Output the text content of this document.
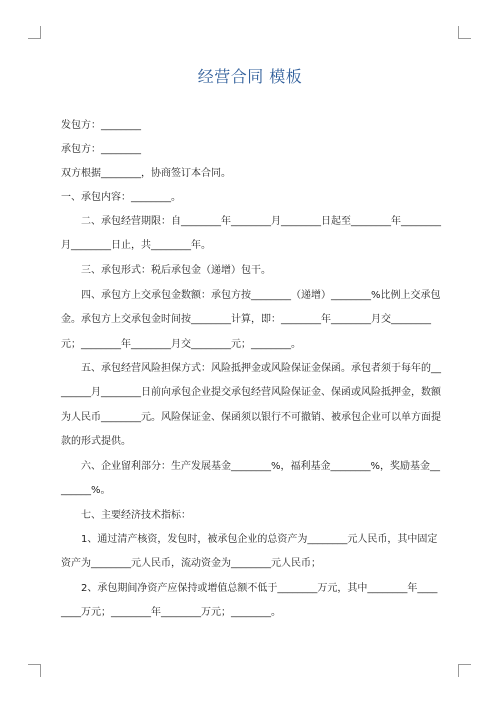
经营合同 模板
发包方：________
承包方：________
双方根据________，协商签订本合同。
一、承包内容：________。
二、承包经营期限：自________年________月________日起至________年________月________日止，共________年。
三、承包形式：税后承包金（递增）包干。
四、承包方上交承包金数额：承包方按________（递增）________%比例上交承包金。承包方上交承包金时间按________计算，即：________年________月交________元；________年________月交________元；________。
五、承包经营风险担保方式：风险抵押金或风险保证金保函。承包者须于每年的________月________日前向承包企业提交承包经营风险保证金、保函或风险抵押金，数额为人民币________元。风险保证金、保函须以银行不可撤销、被承包企业可以单方面提款的形式提供。
六、企业留利部分：生产发展基金________%，福利基金________%，奖励基金________%。
七、主要经济技术指标：
1、通过清产核资，发包时，被承包企业的总资产为________元人民币，其中固定资产为________元人民币，流动资金为________元人民币；
2、承包期间净资产应保持或增值总额不低于________万元，其中________年________万元；________年________万元；________。
